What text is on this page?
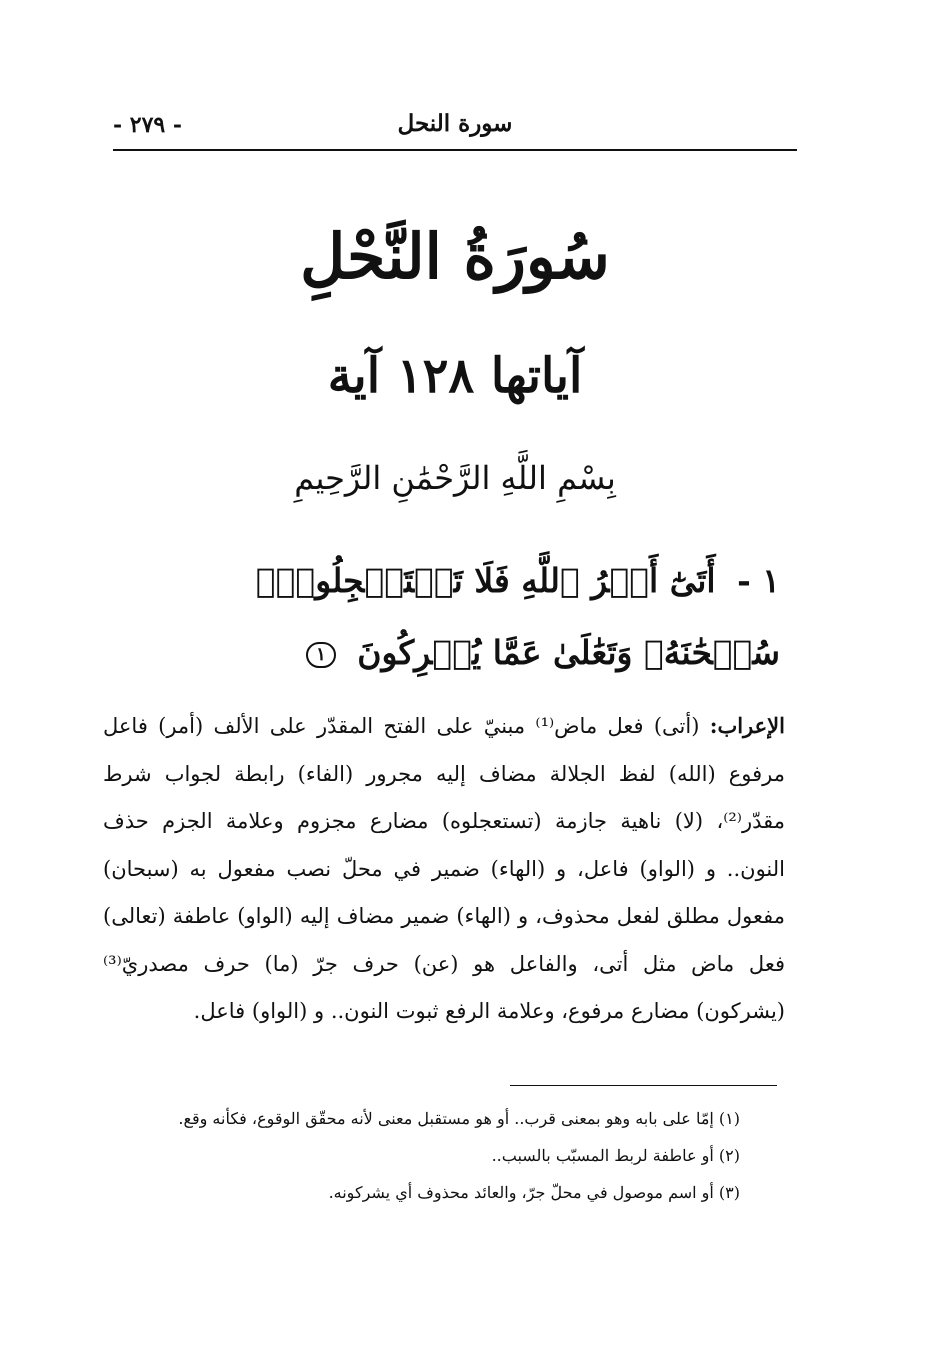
سورة النحل
- ٢٧٩ -
سُورَةُ النَّحْلِ
آياتها ١٢٨ آية
بِسْمِ اللَّهِ الرَّحْمَٰنِ الرَّحِيمِ
١ - أَتَىٰٓ أَمۡرُ ٱللَّهِ فَلَا تَسۡتَعۡجِلُوهُۚ سُبۡحَٰنَهُۥ وَتَعَٰلَىٰ عَمَّا يُشۡرِكُونَ ١
الإعراب: (أتى) فعل ماض⁽¹⁾ مبنيّ على الفتح المقدّر على الألف (أمر) فاعل مرفوع (الله) لفظ الجلالة مضاف إليه مجرور (الفاء) رابطة لجواب شرط مقدّر⁽²⁾، (لا) ناهية جازمة (تستعجلوه) مضارع مجزوم وعلامة الجزم حذف النون.. و (الواو) فاعل، و (الهاء) ضمير في محلّ نصب مفعول به (سبحان) مفعول مطلق لفعل محذوف، و (الهاء) ضمير مضاف إليه (الواو) عاطفة (تعالى) فعل ماض مثل أتى، والفاعل هو (عن) حرف جرّ (ما) حرف مصدريّ⁽³⁾ (يشركون) مضارع مرفوع، وعلامة الرفع ثبوت النون.. و (الواو) فاعل.

(١) إمّا على بابه وهو بمعنى قرب.. أو هو مستقبل معنى لأنه محقّق الوقوع، فكأنه وقع.

(٢) أو عاطفة لربط المسبّب بالسبب..

(٣) أو اسم موصول في محلّ جرّ، والعائد محذوف أي يشركونه.
